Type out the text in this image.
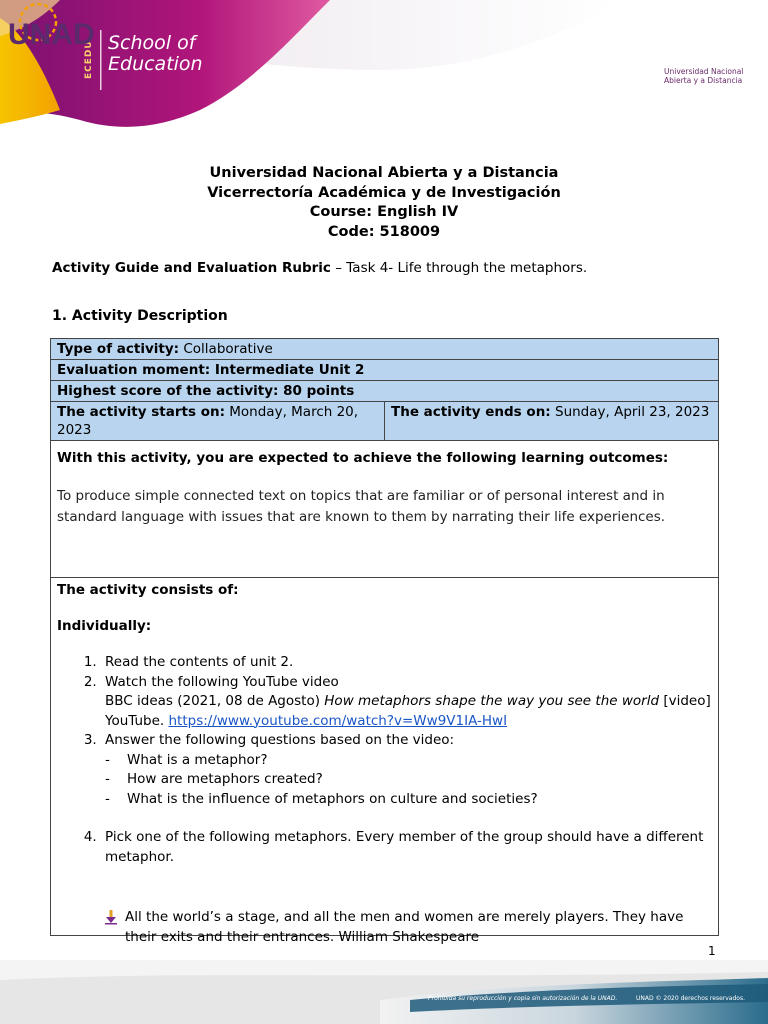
ECEDU School of
Education
UNAD
Universidad Nacional
Abierta y a Distancia
Universidad Nacional Abierta y a Distancia
Vicerrectoría Académica y de Investigación
Course: English IV
Code: 518009
Activity Guide and Evaluation Rubric – Task 4- Life through the metaphors.
1. Activity Description
Type of activity: Collaborative
Evaluation moment: Intermediate Unit 2
Highest score of the activity: 80 points
The activity starts on: Monday, March 20, 2023
The activity ends on: Sunday, April 23, 2023
With this activity, you are expected to achieve the following learning outcomes:
To produce simple connected text on topics that are familiar or of personal interest and in standard language with issues that are known to them by narrating their life experiences.
The activity consists of:
Individually:
1. Read the contents of unit 2.
2. Watch the following YouTube video
BBC ideas (2021, 08 de Agosto) How metaphors shape the way you see the world [video] YouTube. https://www.youtube.com/watch?v=Ww9V1IA-HwI
3. Answer the following questions based on the video:
- What is a metaphor?
- How are metaphors created?
- What is the influence of metaphors on culture and societies?
4. Pick one of the following metaphors. Every member of the group should have a different metaphor.
All the world’s a stage, and all the men and women are merely players. They have their exits and their entrances. William Shakespeare
1
Prohibida su reproducción y copia sin autorización de la UNAD.	UNAD © 2020 derechos reservados.
